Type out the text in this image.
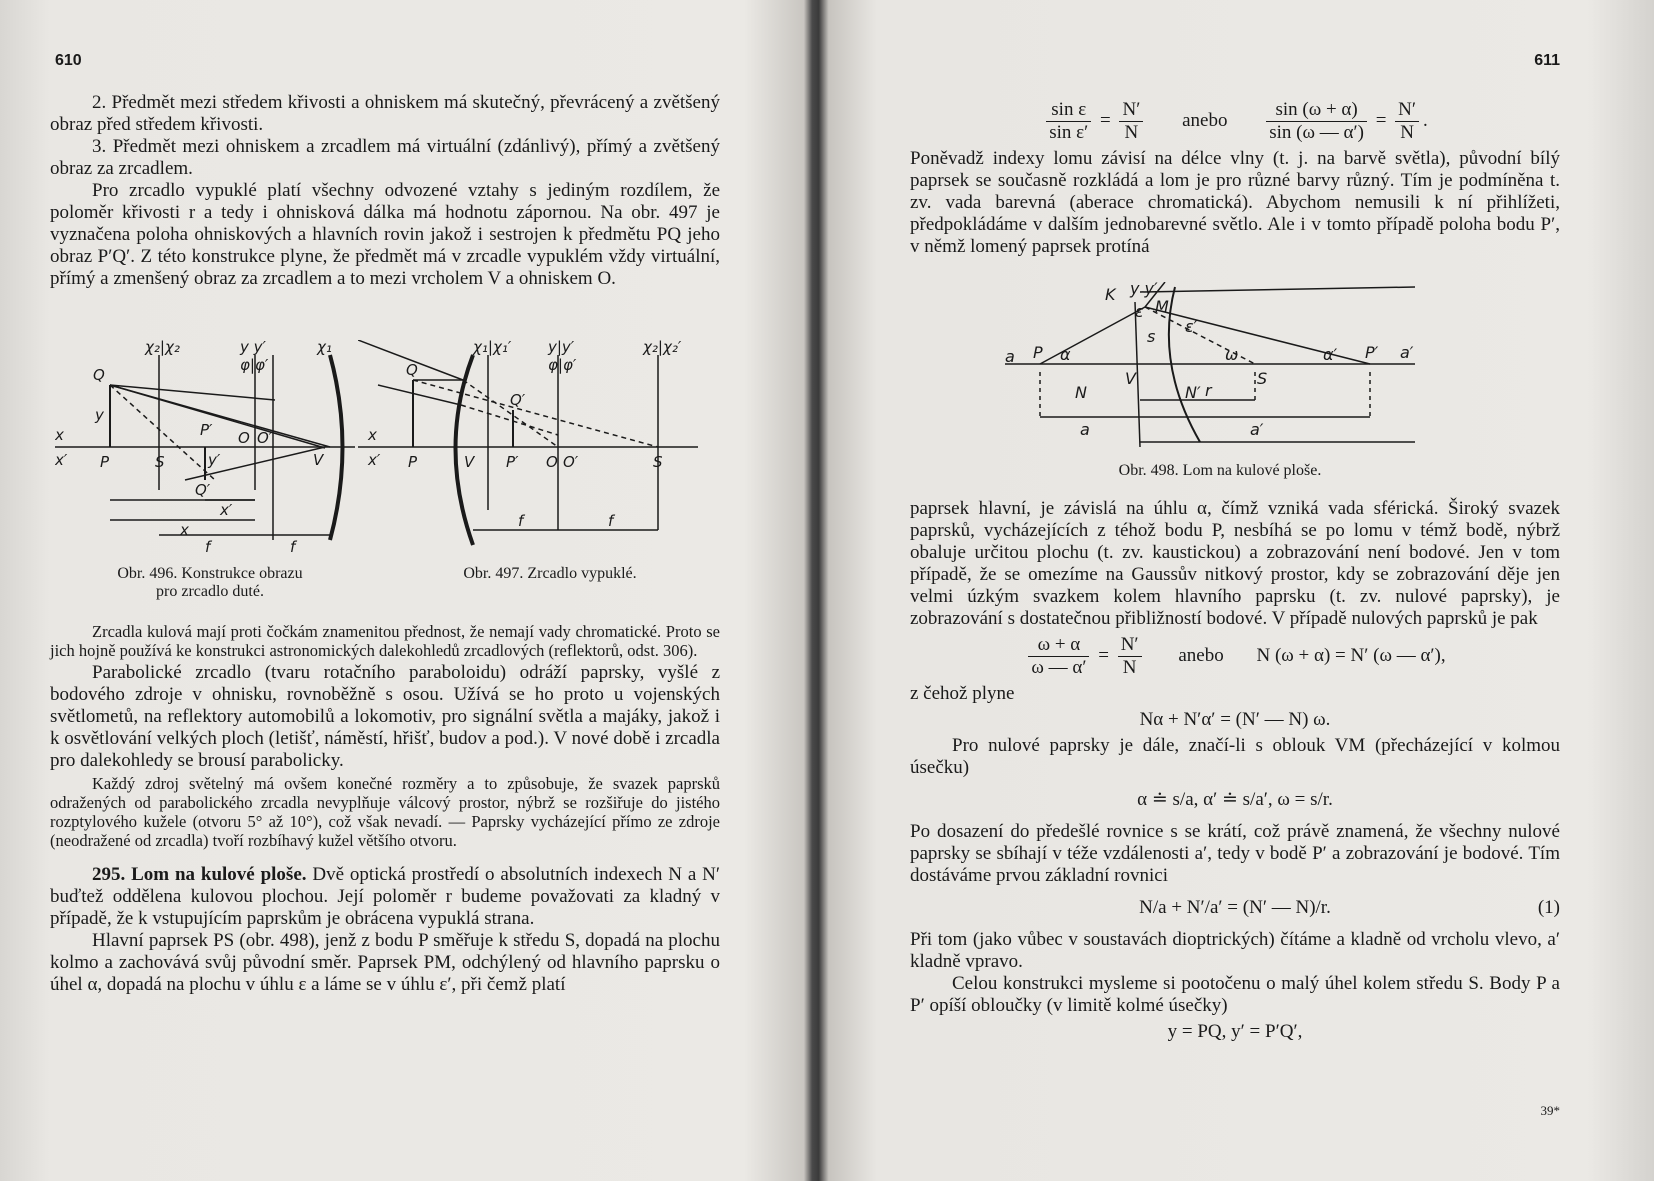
610

2. Předmět mezi středem křivosti a ohniskem má skutečný, převrácený a zvětšený obraz před středem křivosti.

3. Předmět mezi ohniskem a zrcadlem má virtuální (zdánlivý), přímý a zvětšený obraz za zrcadlem.

Pro zrcadlo vypuklé platí všechny odvozené vztahy s jediným rozdílem, že poloměr křivosti r a tedy i ohnisková dálka má hodnotu zápornou. Na obr. 497 je vyznačena poloha ohniskových a hlavních rovin jakož i sestrojen k předmětu PQ jeho obraz P′Q′. Z této konstrukce plyne, že předmět má v zrcadle vypuklém vždy virtuální, přímý a zmenšený obraz za zrcadlem a to mezi vrcholem V a ohniskem O.

x
x′ P
Q
y
S
P′ O O′
y′
Q′
x′
x
f	f
V
χ₂|χ₂	y y′
φ|φ′
χ₁	χ₁|χ₁′ y|y′
φ|φ′
χ₂|χ₂′
Q
Q′
x
x′ P	V P′ O O′	S
f	f
Obr. 496. Konstrukce obrazu
pro zrcadlo duté.
Obr. 497. Zrcadlo vypuklé.

Zrcadla kulová mají proti čočkám znamenitou přednost, že nemají vady chromatické. Proto se jich hojně používá ke konstrukci astronomických dalekohledů zrcadlových (reflektorů, odst. 306).

Parabolické zrcadlo (tvaru rotačního paraboloidu) odráží paprsky, vyšlé z bodového zdroje v ohnisku, rovnoběžně s osou. Užívá se ho proto u vojenských světlometů, na reflektory automobilů a lokomotiv, pro signální světla a majáky, jakož i k osvětlování velkých ploch (letišť, náměstí, hřišť, budov a pod.). V nové době i zrcadla pro dalekohledy se brousí parabolicky.

Každý zdroj světelný má ovšem konečné rozměry a to způsobuje, že svazek paprsků odražených od parabolického zrcadla nevyplňuje válcový prostor, nýbrž se rozšiřuje do jistého rozptylového kužele (otvoru 5° až 10°), což však nevadí. — Paprsky vycházející přímo ze zdroje (neodražené od zrcadla) tvoří rozbíhavý kužel většího otvoru.

295. Lom na kulové ploše. Dvě optická prostředí o absolutních indexech N a N′ buďtež oddělena kulovou plochou. Její poloměr r budeme považovati za kladný v případě, že k vstupujícím paprskům je obrácena vypuklá strana.

Hlavní paprsek PS (obr. 498), jenž z bodu P směřuje k středu S, dopadá na plochu kolmo a zachovává svůj původní směr. Paprsek PM, odchýlený od hlavního paprsku o úhel α, dopadá na plochu v úhlu ε a láme se v úhlu ε′, při čemž platí

611
$\frac{\text{sin ε}}{\text{sin ε′}} = \frac{N'}{N}$ anebo $\frac{\sin (\omega + \alpha)}{\sin (\omega — \alpha')} = \frac{N'}{N}$ .

Poněvadž indexy lomu závisí na délce vlny (t. j. na barvě světla), původní bílý paprsek se současně rozkládá a lom je pro různé barvy různý. Tím je podmíněna t. zv. vada barevná (aberace chromatická). Abychom nemusili k ní přihlížeti, předpokládáme v dalším jednobarevné světlo. Ale i v tomto případě poloha bodu P′, v němž lomený paprsek protíná

K y y′
M
ε
ε′
a P α
s
ω	α′ P′ a′
V	S
N	N′ r
a	a′
Obr. 498. Lom na kulové ploše.

paprsek hlavní, je závislá na úhlu α, čímž vzniká vada sférická. Široký svazek paprsků, vycházejících z téhož bodu P, nesbíhá se po lomu v témž bodě, nýbrž obaluje určitou plochu (t. zv. kaustickou) a zobrazování není bodové. Jen v tom případě, že se omezíme na Gaussův nitkový prostor, kdy se zobrazování děje jen velmi úzkým svazkem kolem hlavního paprsku (t. zv. nulové paprsky), je zobrazování s dostatečnou přibližností bodové. V případě nulových paprsků je pak

$\frac{\omega + \alpha}{\omega — \alpha'} = \frac{N'}{N}$ anebo N (ω + α) = N′ (ω — α′),

z čehož plyne

Nα + N′α′ = (N′ — N) ω.

Pro nulové paprsky je dále, značí-li s oblouk VM (přecházející v kolmou úsečku)

α ≐ s/a, α′ ≐ s/a′, ω = s/r.

Po dosazení do předešlé rovnice s se krátí, což právě znamená, že všechny nulové paprsky se sbíhají v téže vzdálenosti a′, tedy v bodě P′ a zobrazování je bodové. Tím dostáváme prvou základní rovnici

N/a + N′/a′ = (N′ — N)/r.	(1)

Při tom (jako vůbec v soustavách dioptrických) čítáme a kladně od vrcholu vlevo, a′ kladně vpravo.

Celou konstrukci mysleme si pootočenu o malý úhel kolem středu S. Body P a P′ opíší obloučky (v limitě kolmé úsečky)

y = PQ, y′ = P′Q′,
39*
